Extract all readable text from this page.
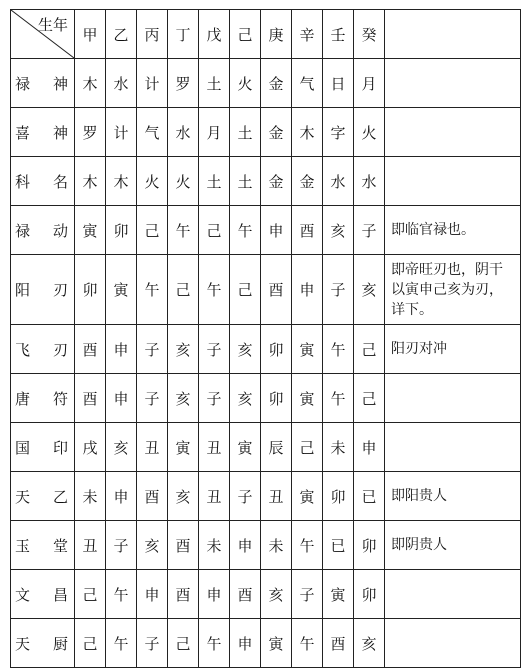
生年	甲	乙	丙	丁	戊	己	庚	辛	壬	癸	

禄 神	木	水	计	罗	土	火	金	气	日	月	

喜 神	罗	计	气	水	月	土	金	木	字	火	

科 名	木	木	火	火	土	土	金	金	水	水	

禄 动	寅	卯	己	午	己	午	申	酉	亥	子	即临官禄也。

阳 刃	卯	寅	午	己	午	己	酉	申	子	亥	即帝旺刃也，阴干以寅申己亥为刃，详下。

飞 刃	酉	申	子	亥	子	亥	卯	寅	午	己	阳刃对冲

唐 符	酉	申	子	亥	子	亥	卯	寅	午	己	

国 印	戌	亥	丑	寅	丑	寅	辰	己	未	申	

天 乙	未	申	酉	亥	丑	子	丑	寅	卯	已	即阳贵人

玉 堂	丑	子	亥	酉	未	申	未	午	已	卯	即阴贵人

文 昌	己	午	申	酉	申	酉	亥	子	寅	卯	

天 厨	己	午	子	己	午	申	寅	午	酉	亥	
